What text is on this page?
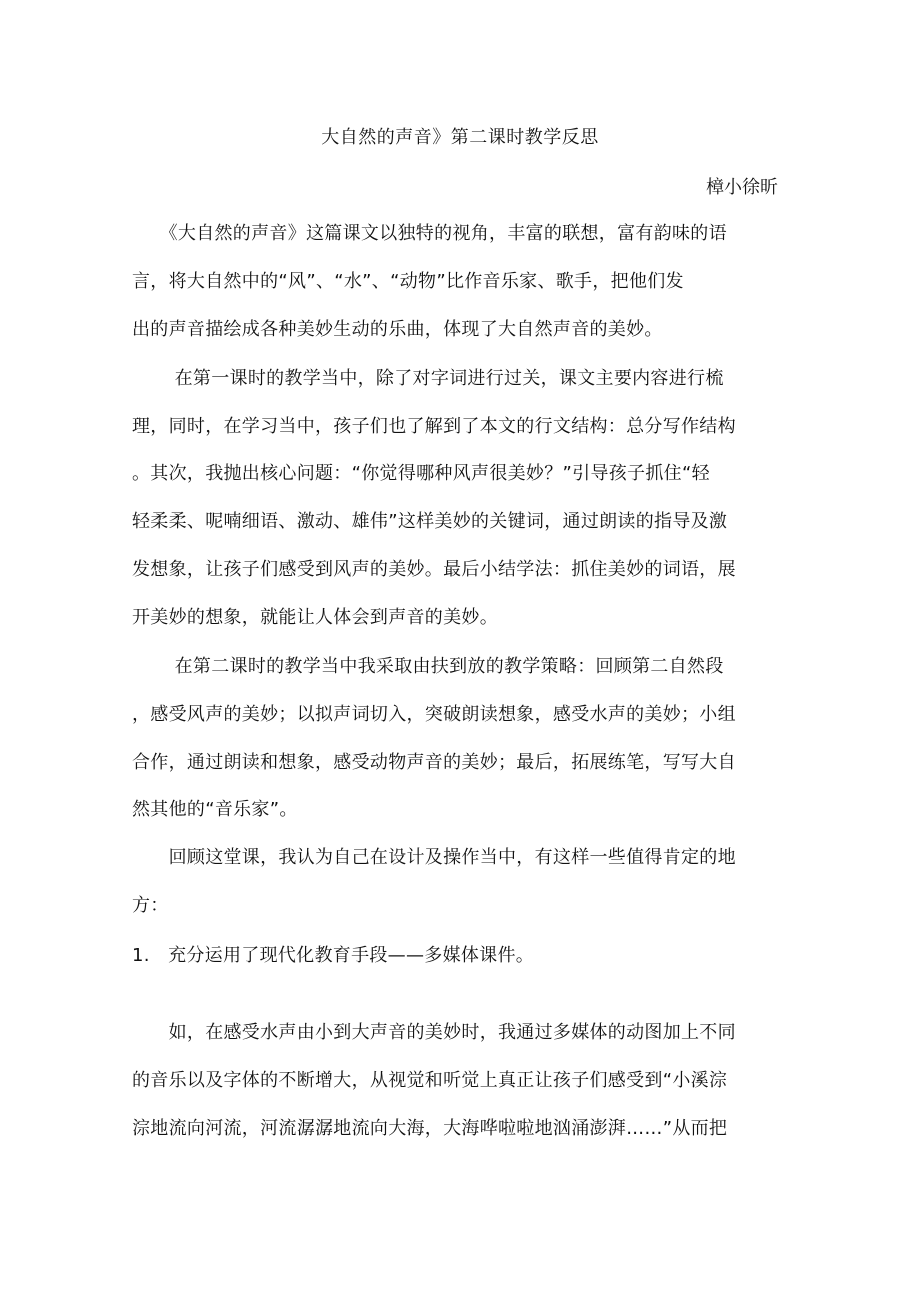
大自然的声音》第二课时教学反思
樟小徐昕
　　《大自然的声音》这篇课文以独特的视角，丰富的联想，富有韵味的语
言，将大自然中的“风”、“水”、“动物”比作音乐家、歌手，把他们发
出的声音描绘成各种美妙生动的乐曲，体现了大自然声音的美妙。
　　 在第一课时的教学当中，除了对字词进行过关，课文主要内容进行梳
理，同时，在学习当中，孩子们也了解到了本文的行文结构：总分写作结构
。其次，我抛出核心问题：“你觉得哪种风声很美妙？”引导孩子抓住“轻
轻柔柔、呢喃细语、激动、雄伟”这样美妙的关键词，通过朗读的指导及激
发想象，让孩子们感受到风声的美妙。最后小结学法：抓住美妙的词语，展
开美妙的想象，就能让人体会到声音的美妙。
　　 在第二课时的教学当中我采取由扶到放的教学策略：回顾第二自然段
，感受风声的美妙；以拟声词切入，突破朗读想象，感受水声的美妙；小组
合作，通过朗读和想象，感受动物声音的美妙；最后，拓展练笔，写写大自
然其他的“音乐家”。
　　回顾这堂课，我认为自己在设计及操作当中，有这样一些值得肯定的地
方：
1.　充分运用了现代化教育手段——多媒体课件。
　　如，在感受水声由小到大声音的美妙时，我通过多媒体的动图加上不同
的音乐以及字体的不断增大，从视觉和听觉上真正让孩子们感受到“小溪淙
淙地流向河流，河流潺潺地流向大海，大海哗啦啦地汹涌澎湃……”从而把
